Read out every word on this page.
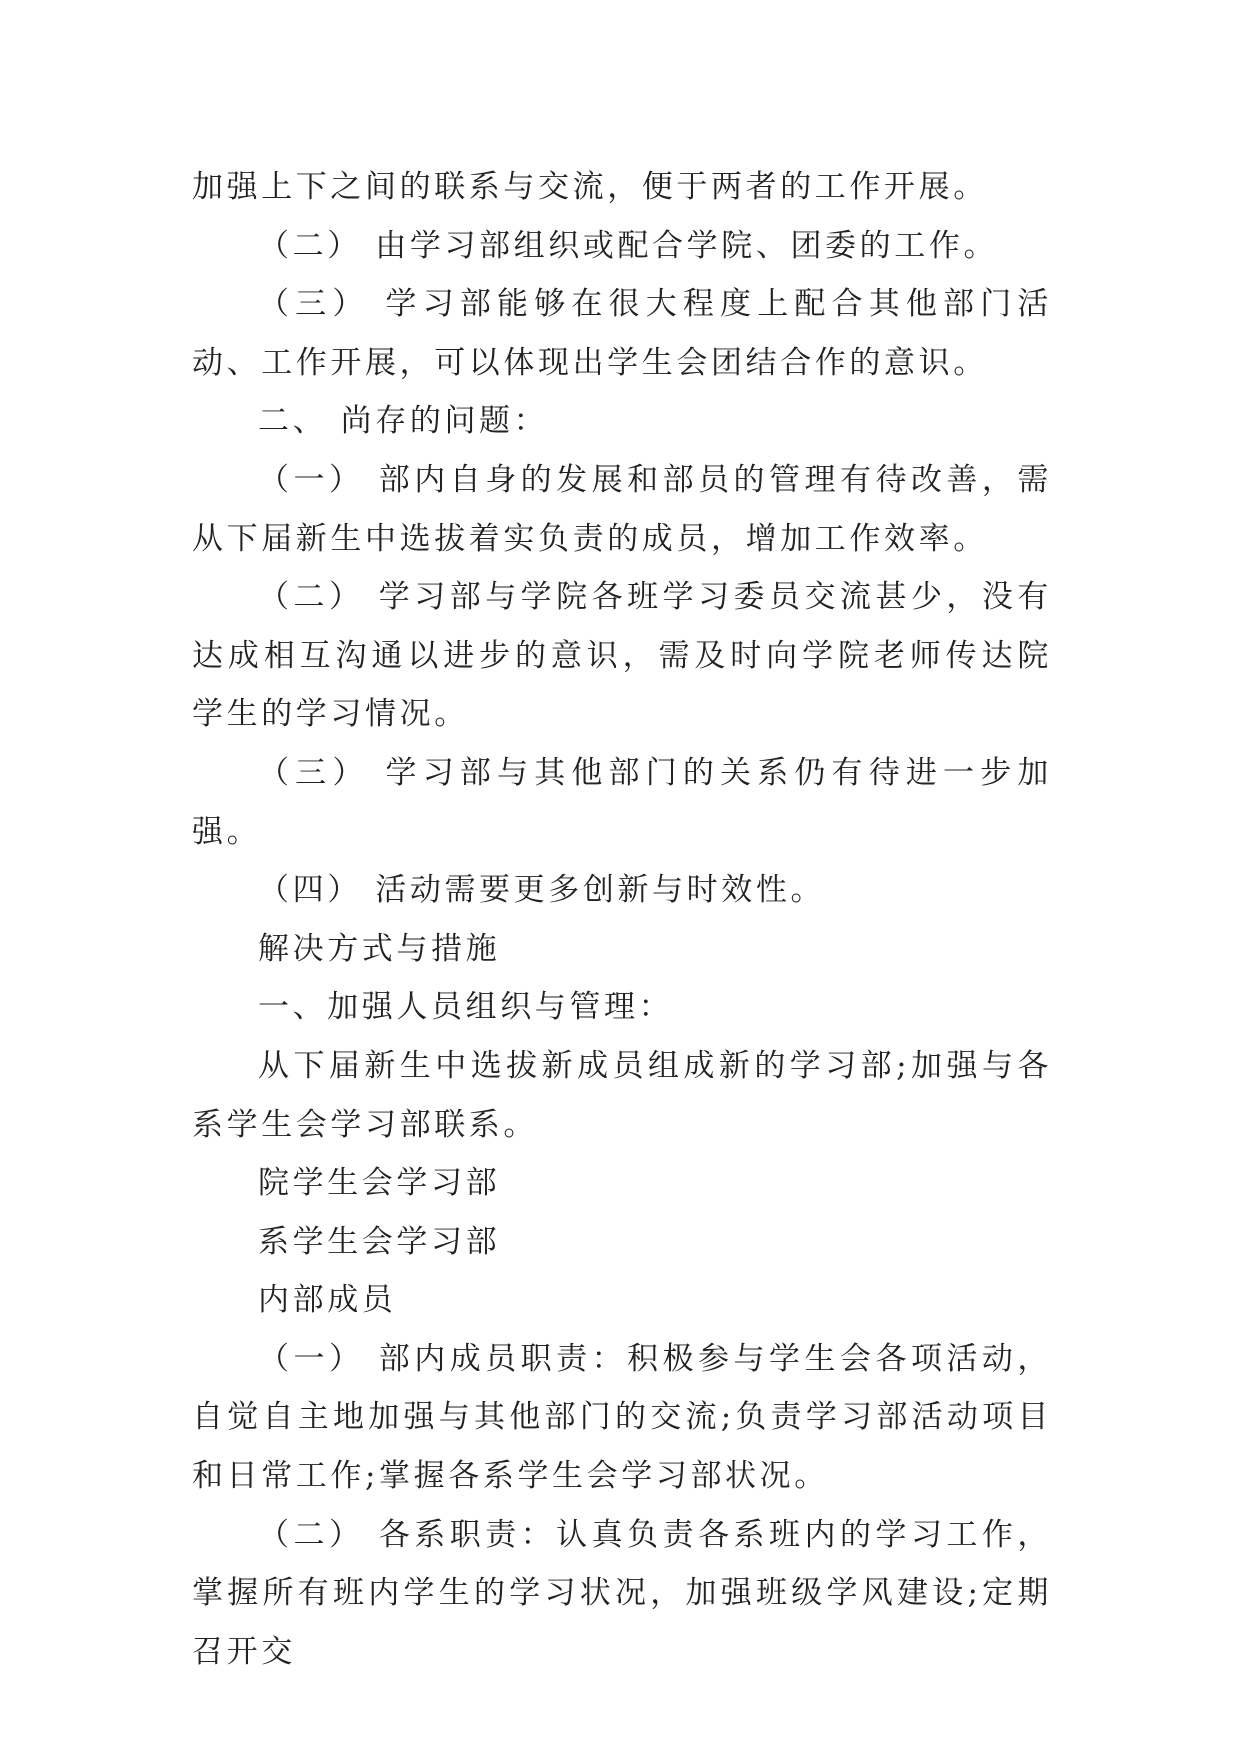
加强上下之间的联系与交流，便于两者的工作开展。

（二） 由学习部组织或配合学院、团委的工作。

（三） 学习部能够在很大程度上配合其他部门活动、工作开展，可以体现出学生会团结合作的意识。

二、 尚存的问题：

（一） 部内自身的发展和部员的管理有待改善，需从下届新生中选拔着实负责的成员，增加工作效率。

（二） 学习部与学院各班学习委员交流甚少，没有达成相互沟通以进步的意识，需及时向学院老师传达院学生的学习情况。

（三） 学习部与其他部门的关系仍有待进一步加强。

（四） 活动需要更多创新与时效性。

解决方式与措施

一、加强人员组织与管理：

从下届新生中选拔新成员组成新的学习部;加强与各系学生会学习部联系。

院学生会学习部

系学生会学习部

内部成员

（一） 部内成员职责：积极参与学生会各项活动，自觉自主地加强与其他部门的交流;负责学习部活动项目和日常工作;掌握各系学生会学习部状况。

（二） 各系职责：认真负责各系班内的学习工作，掌握所有班内学生的学习状况，加强班级学风建设;定期召开交
